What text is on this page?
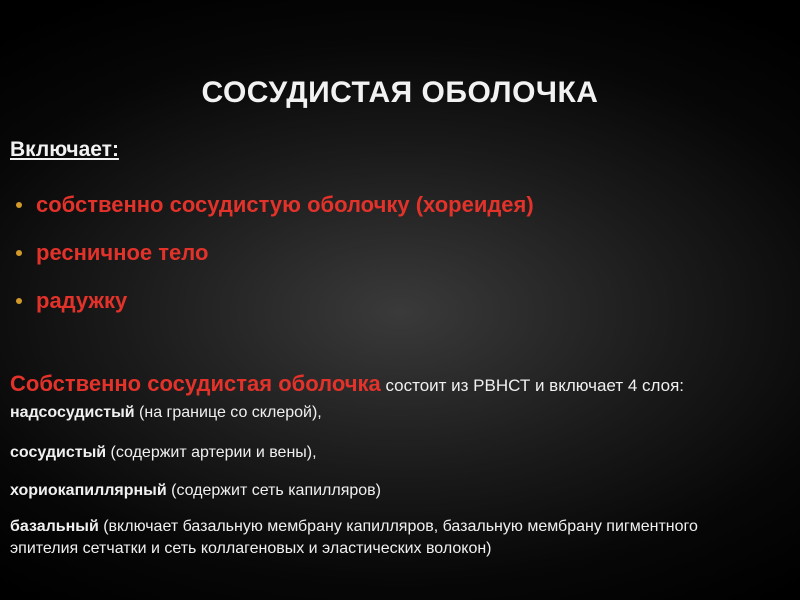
СОСУДИСТАЯ ОБОЛОЧКА
Включает:
собственно сосудистую оболочку (хореидея)
ресничное тело
радужку
Собственно сосудистая оболочка состоит из РВНСТ и включает 4 слоя:
надсосудистый (на границе со склерой),
сосудистый (содержит артерии и вены),
хориокапиллярный (содержит сеть капилляров)
базальный (включает базальную мембрану капилляров, базальную мембрану пигментного эпителия сетчатки и сеть коллагеновых и эластических волокон)
